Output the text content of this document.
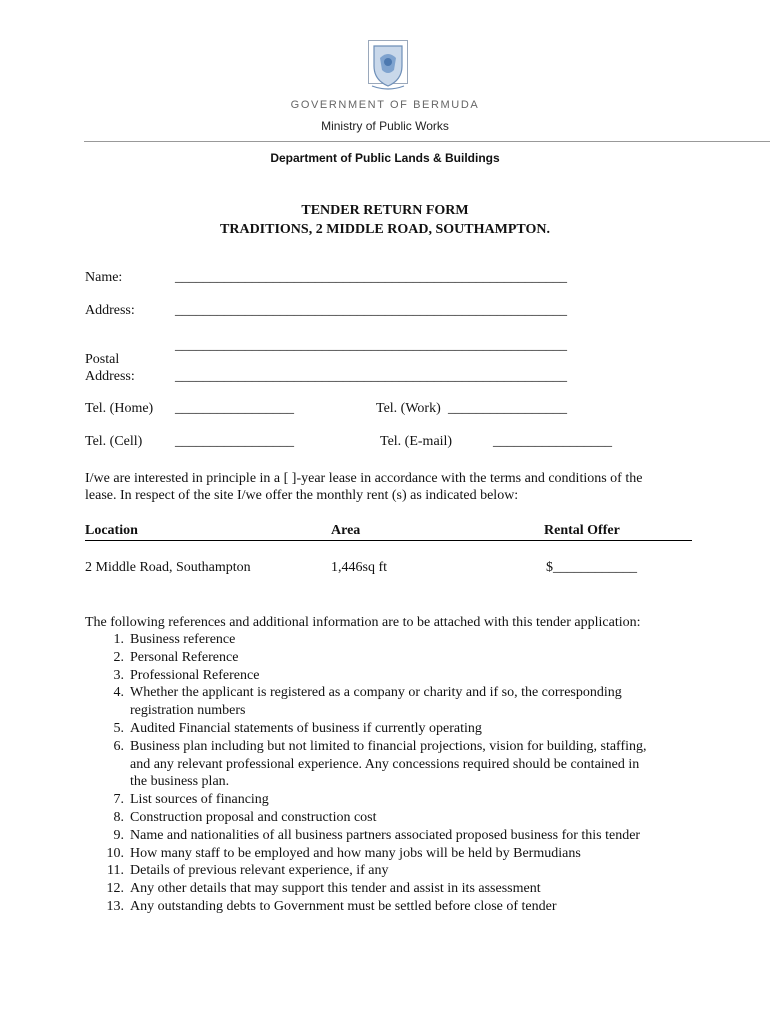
GOVERNMENT OF BERMUDA
Ministry of Public Works
Department of Public Lands & Buildings
TENDER RETURN FORM
TRADITIONS, 2 MIDDLE ROAD, SOUTHAMPTON.
Name:	________________________________________________________
Address:	________________________________________________________
________________________________________________________
Postal
Address:	________________________________________________________
Tel. (Home) _________________	Tel. (Work) _________________
Tel. (Cell) _________________	Tel. (E-mail)	_________________
I/we are interested in principle in a [ ]-year lease in accordance with the terms and conditions of the
lease. In respect of the site I/we offer the monthly rent (s) as indicated below:
Location	Area	Rental Offer
2 Middle Road, Southampton	1,446sq ft	$____________
The following references and additional information are to be attached with this tender application:
1. Business reference
2. Personal Reference
3. Professional Reference
4. Whether the applicant is registered as a company or charity and if so, the corresponding
registration numbers
5. Audited Financial statements of business if currently operating
6. Business plan including but not limited to financial projections, vision for building, staffing,
and any relevant professional experience. Any concessions required should be contained in
the business plan.
7. List sources of financing
8. Construction proposal and construction cost
9. Name and nationalities of all business partners associated proposed business for this tender
10. How many staff to be employed and how many jobs will be held by Bermudians
11. Details of previous relevant experience, if any
12. Any other details that may support this tender and assist in its assessment
13. Any outstanding debts to Government must be settled before close of tender
